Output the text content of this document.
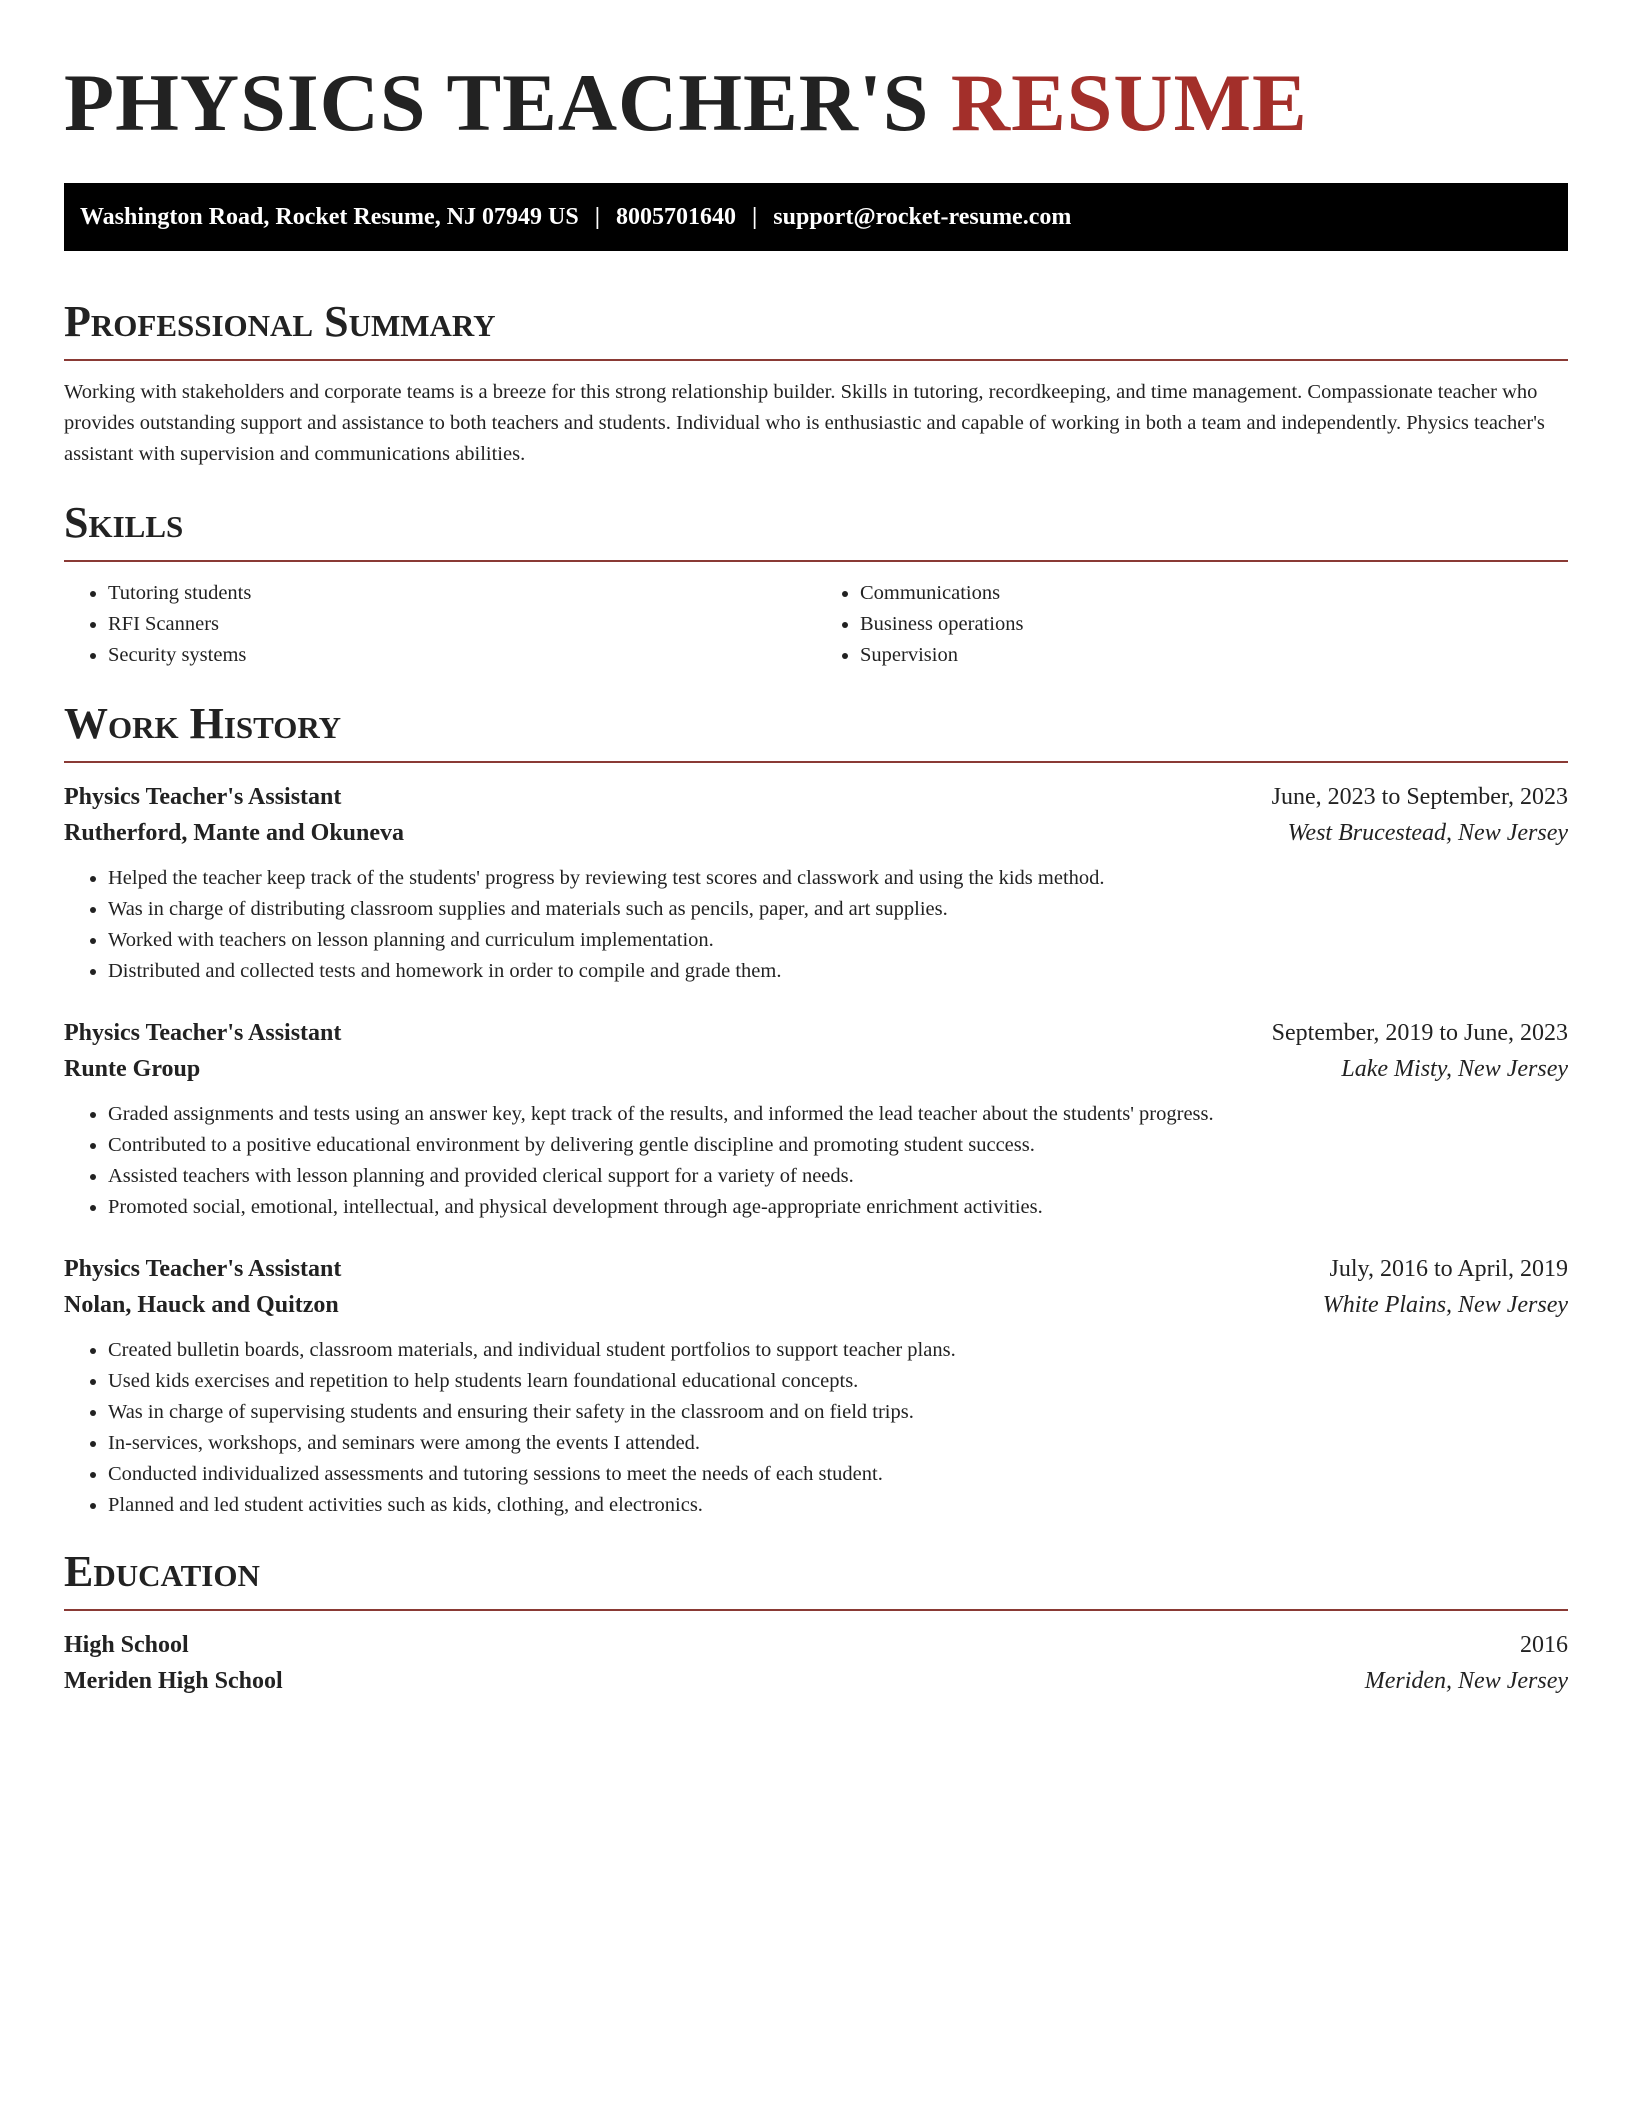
PHYSICS TEACHER'S RESUME
Washington Road, Rocket Resume, NJ 07949 US | 8005701640 | support@rocket-resume.com
Professional Summary

Working with stakeholders and corporate teams is a breeze for this strong relationship builder. Skills in tutoring, recordkeeping, and time management. Compassionate teacher who provides outstanding support and assistance to both teachers and students. Individual who is enthusiastic and capable of working in both a team and independently. Physics teacher's assistant with supervision and communications abilities.

Skills
• Tutoring students
• RFI Scanners
• Security systems
• Communications
• Business operations
• Supervision
Work History
Physics Teacher's Assistant	June, 2023 to September, 2023
Rutherford, Mante and Okuneva	West Brucestead, New Jersey
• Helped the teacher keep track of the students' progress by reviewing test scores and classwork and using the kids method.
• Was in charge of distributing classroom supplies and materials such as pencils, paper, and art supplies.
• Worked with teachers on lesson planning and curriculum implementation.
• Distributed and collected tests and homework in order to compile and grade them.
Physics Teacher's Assistant	September, 2019 to June, 2023
Runte Group	Lake Misty, New Jersey
• Graded assignments and tests using an answer key, kept track of the results, and informed the lead teacher about the students' progress.
• Contributed to a positive educational environment by delivering gentle discipline and promoting student success.
• Assisted teachers with lesson planning and provided clerical support for a variety of needs.
• Promoted social, emotional, intellectual, and physical development through age-appropriate enrichment activities.
Physics Teacher's Assistant	July, 2016 to April, 2019
Nolan, Hauck and Quitzon	White Plains, New Jersey
• Created bulletin boards, classroom materials, and individual student portfolios to support teacher plans.
• Used kids exercises and repetition to help students learn foundational educational concepts.
• Was in charge of supervising students and ensuring their safety in the classroom and on field trips.
• In-services, workshops, and seminars were among the events I attended.
• Conducted individualized assessments and tutoring sessions to meet the needs of each student.
• Planned and led student activities such as kids, clothing, and electronics.
Education
High School	2016
Meriden High School	Meriden, New Jersey
